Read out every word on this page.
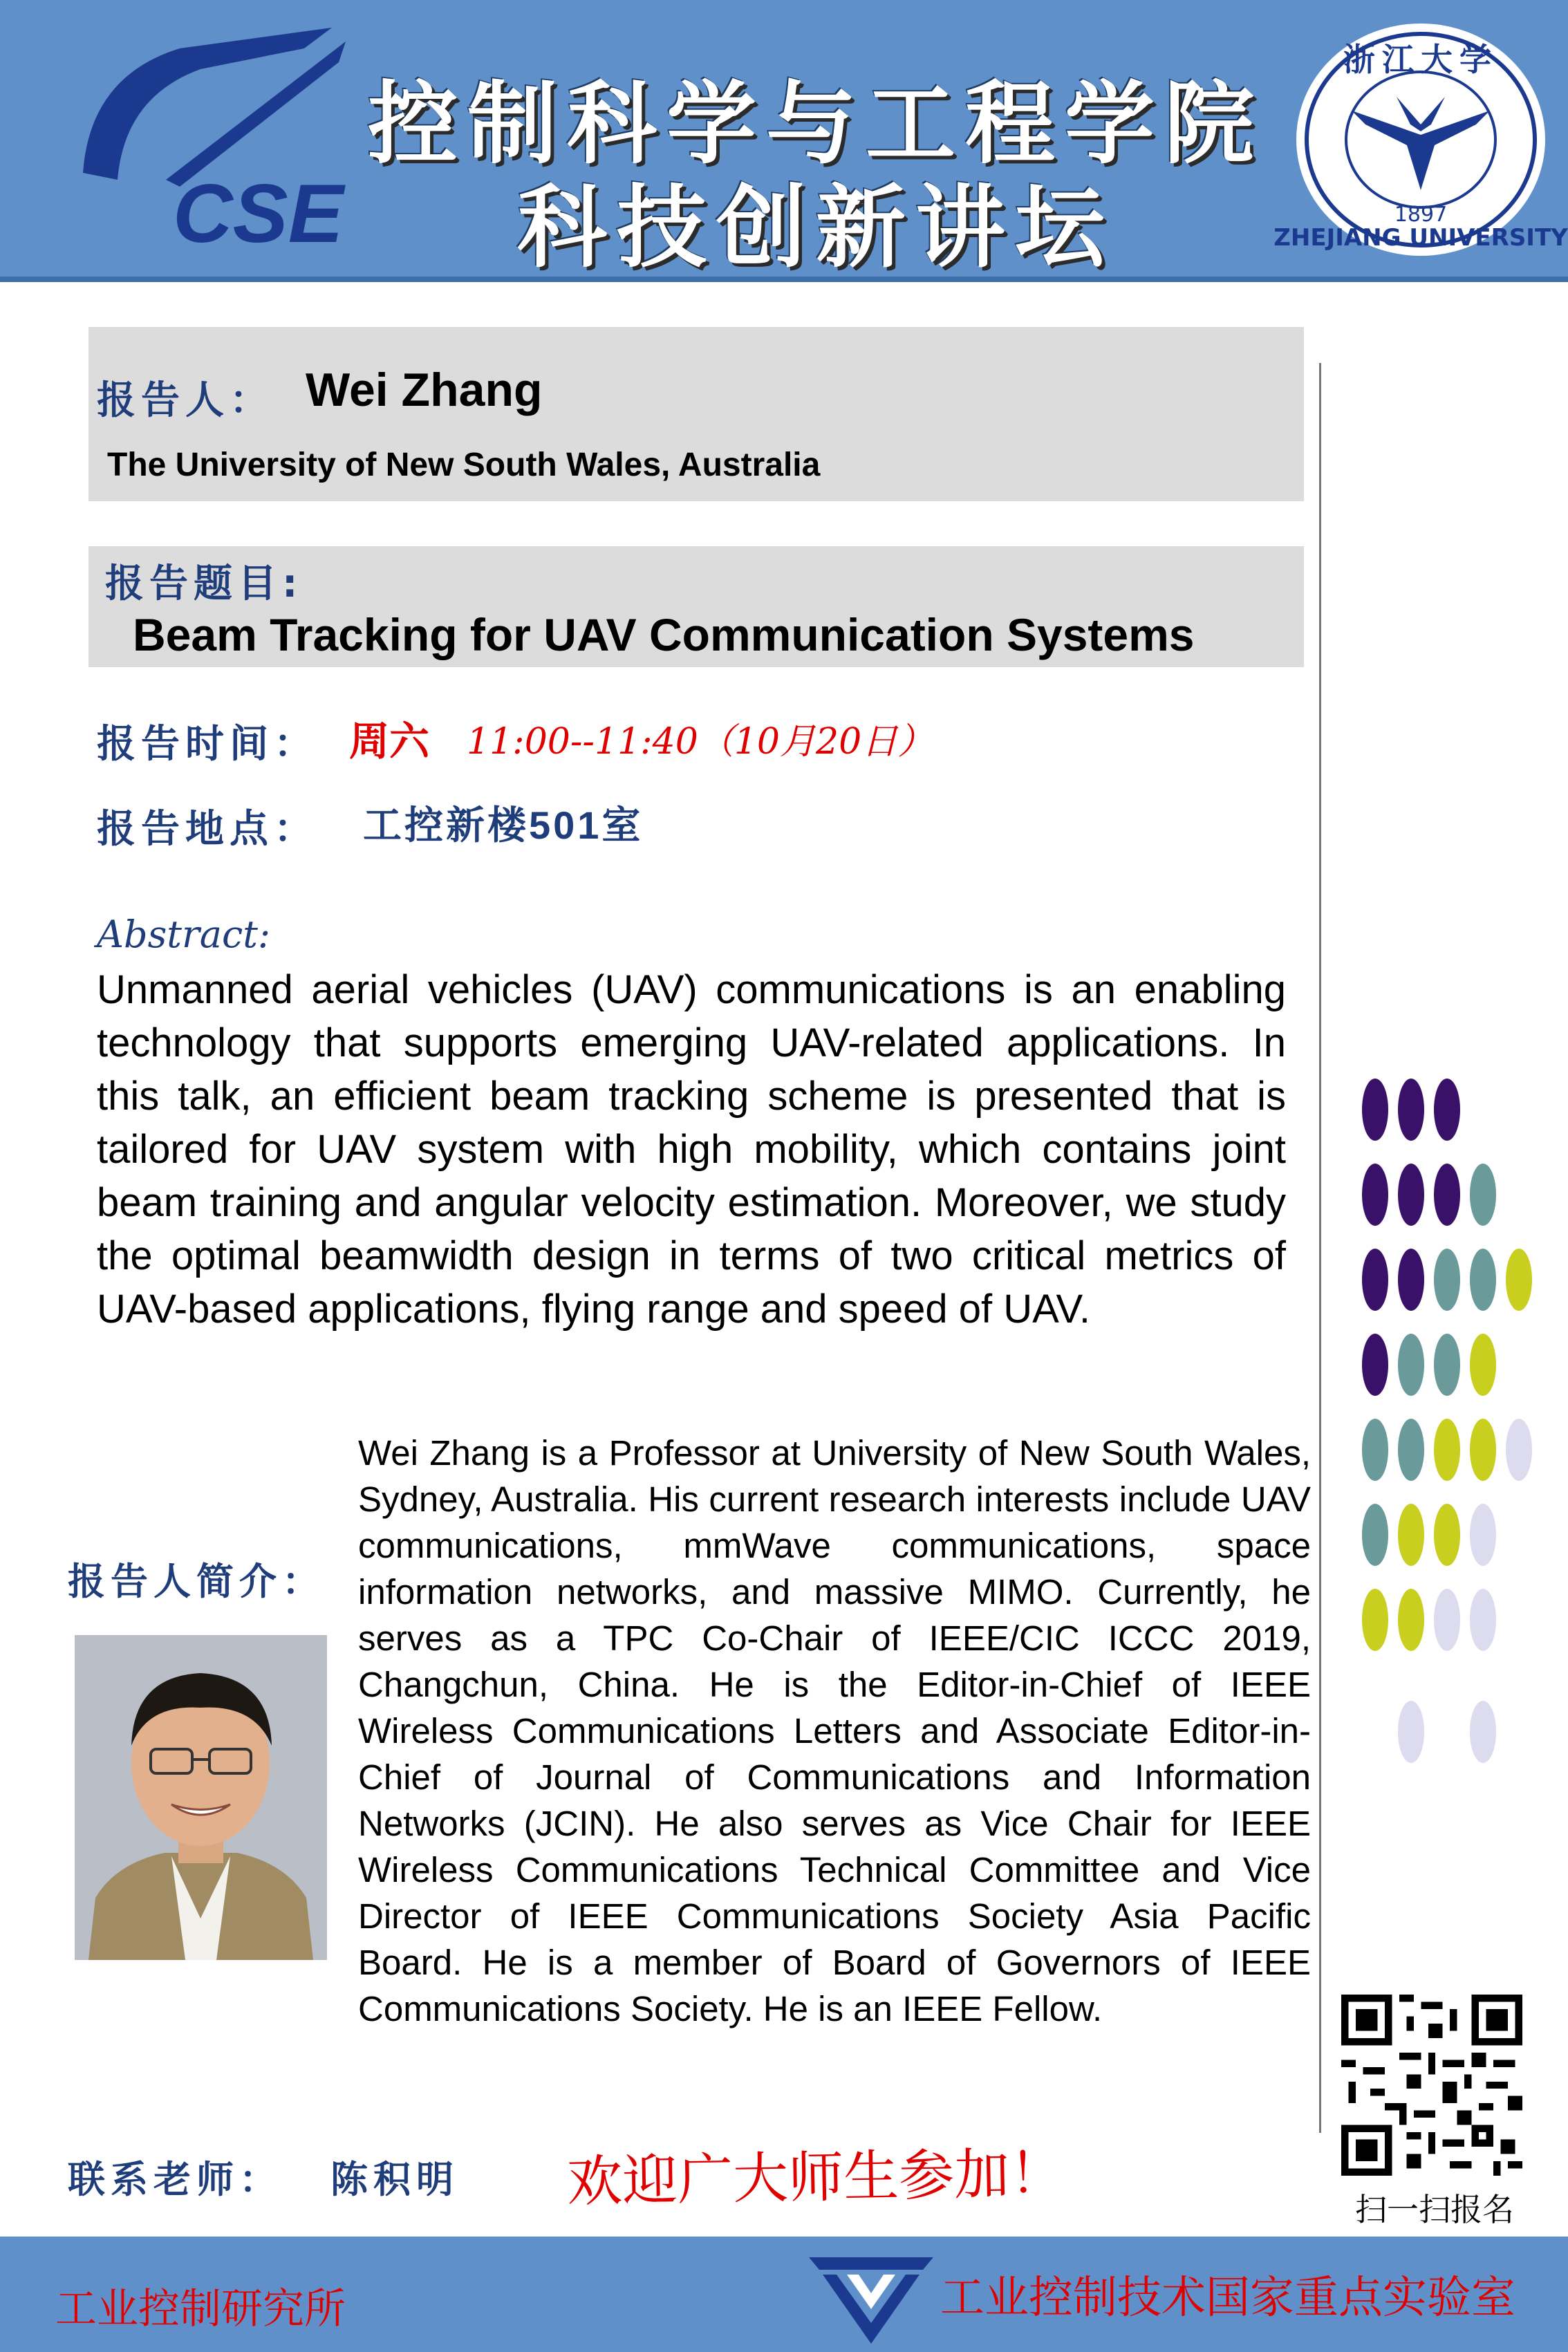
CSE
控制科学与工程学院
科技创新讲坛
浙江大学
1897
ZHEJIANG UNIVERSITY
报告人： Wei Zhang
The University of New South Wales, Australia
报告题目:
Beam Tracking for UAV Communication Systems
报告时间： 周六 11:00--11:40（10月20日）
报告地点： 工控新楼501室
Abstract:
Unmanned aerial vehicles (UAV) communications is an enabling technology that supports emerging UAV-related applications. In this talk, an efficient beam tracking scheme is presented that is tailored for UAV system with high mobility, which contains joint beam training and angular velocity estimation. Moreover, we study the optimal beamwidth design in terms of two critical metrics of UAV-based applications, flying range and speed of UAV.
报告人简介：
Wei Zhang is a Professor at University of New South Wales, Sydney, Australia. His current research interests include UAV communications, mmWave communications, space information networks, and massive MIMO. Currently, he serves as a TPC Co-Chair of IEEE/CIC ICCC 2019, Changchun, China. He is the Editor-in-Chief of IEEE Wireless Communications Letters and Associate Editor-in-Chief of Journal of Communications and Information Networks (JCIN). He also serves as Vice Chair for IEEE Wireless Communications Technical Committee and Vice Director of IEEE Communications Society Asia Pacific Board. He is a member of Board of Governors of IEEE Communications Society. He is an IEEE Fellow.
扫一扫报名
联系老师： 陈积明 欢迎广大师生参加！
工业控制研究所	工业控制技术国家重点实验室
